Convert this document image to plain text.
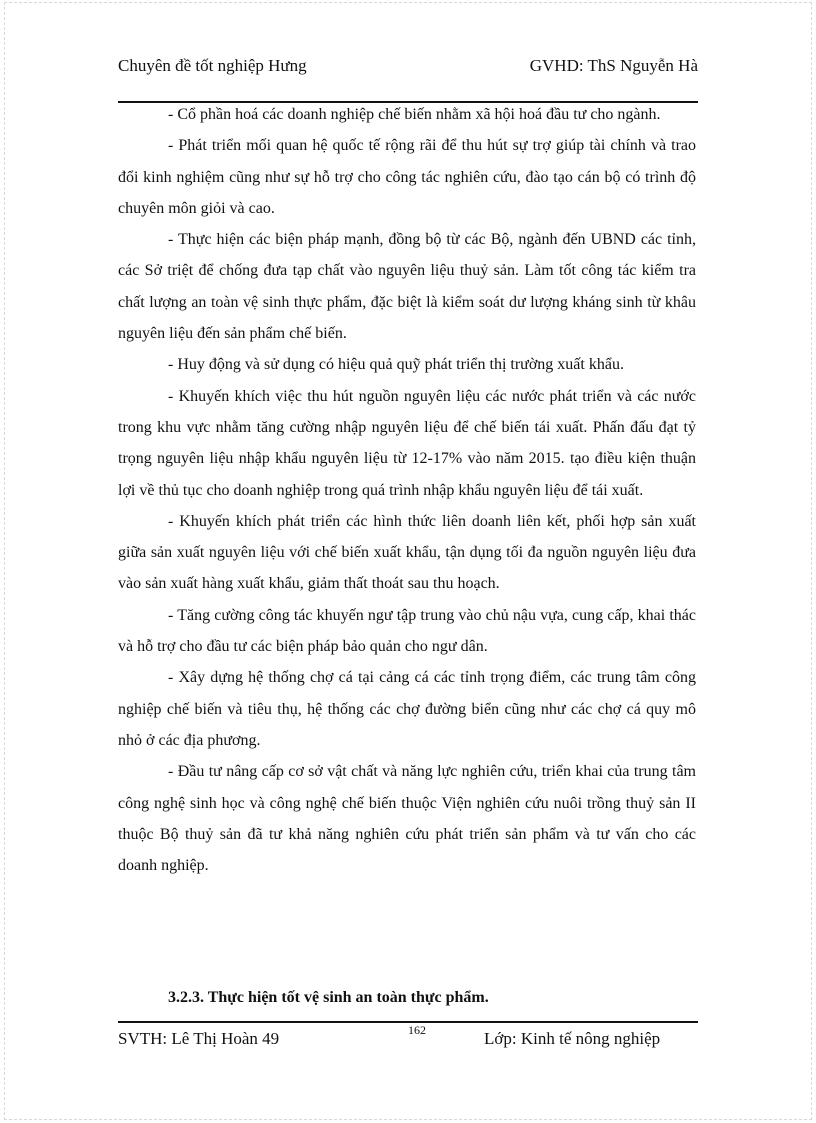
Chuyên đề tốt nghiệp Hưng	GVHD: ThS Nguyễn Hà

- Cổ phần hoá các doanh nghiệp chế biến nhằm xã hội hoá đầu tư cho ngành.

- Phát triển mối quan hệ quốc tế rộng rãi để thu hút sự trợ giúp tài chính và trao đổi kinh nghiệm cũng như sự hỗ trợ cho công tác nghiên cứu, đào tạo cán bộ có trình độ chuyên môn giỏi và cao.

- Thực hiện các biện pháp mạnh, đồng bộ từ các Bộ, ngành đến UBND các tỉnh, các Sở triệt để chống đưa tạp chất vào nguyên liệu thuỷ sản. Làm tốt công tác kiểm tra chất lượng an toàn vệ sinh thực phẩm, đặc biệt là kiểm soát dư lượng kháng sinh từ khâu nguyên liệu đến sản phẩm chế biến.

- Huy động và sử dụng có hiệu quả quỹ phát triển thị trường xuất khẩu.

- Khuyến khích việc thu hút nguồn nguyên liệu các nước phát triển và các nước trong khu vực nhằm tăng cường nhập nguyên liệu để chế biến tái xuất. Phấn đấu đạt tỷ trọng nguyên liệu nhập khẩu nguyên liệu từ 12-17% vào năm 2015. tạo điều kiện thuận lợi về thủ tục cho doanh nghiệp trong quá trình nhập khẩu nguyên liệu để tái xuất.

- Khuyến khích phát triển các hình thức liên doanh liên kết, phối hợp sản xuất giữa sản xuất nguyên liệu với chế biến xuất khẩu, tận dụng tối đa nguồn nguyên liệu đưa vào sản xuất hàng xuất khẩu, giảm thất thoát sau thu hoạch.

- Tăng cường công tác khuyến ngư tập trung vào chủ nậu vựa, cung cấp, khai thác và hỗ trợ cho đầu tư các biện pháp bảo quản cho ngư dân.

- Xây dựng hệ thống chợ cá tại cảng cá các tỉnh trọng điểm, các trung tâm công nghiệp chế biến và tiêu thụ, hệ thống các chợ đường biển cũng như các chợ cá quy mô nhỏ ở các địa phương.

- Đầu tư nâng cấp cơ sở vật chất và năng lực nghiên cứu, triển khai của trung tâm công nghệ sinh học và công nghệ chế biến thuộc Viện nghiên cứu nuôi trồng thuỷ sản II thuộc Bộ thuỷ sản đã tư khả năng nghiên cứu phát triển sản phẩm và tư vấn cho các doanh nghiệp.

3.2.3. Thực hiện tốt vệ sinh an toàn thực phẩm.
162
SVTH: Lê Thị Hoàn 49	Lớp: Kinh tế nông nghiệp
